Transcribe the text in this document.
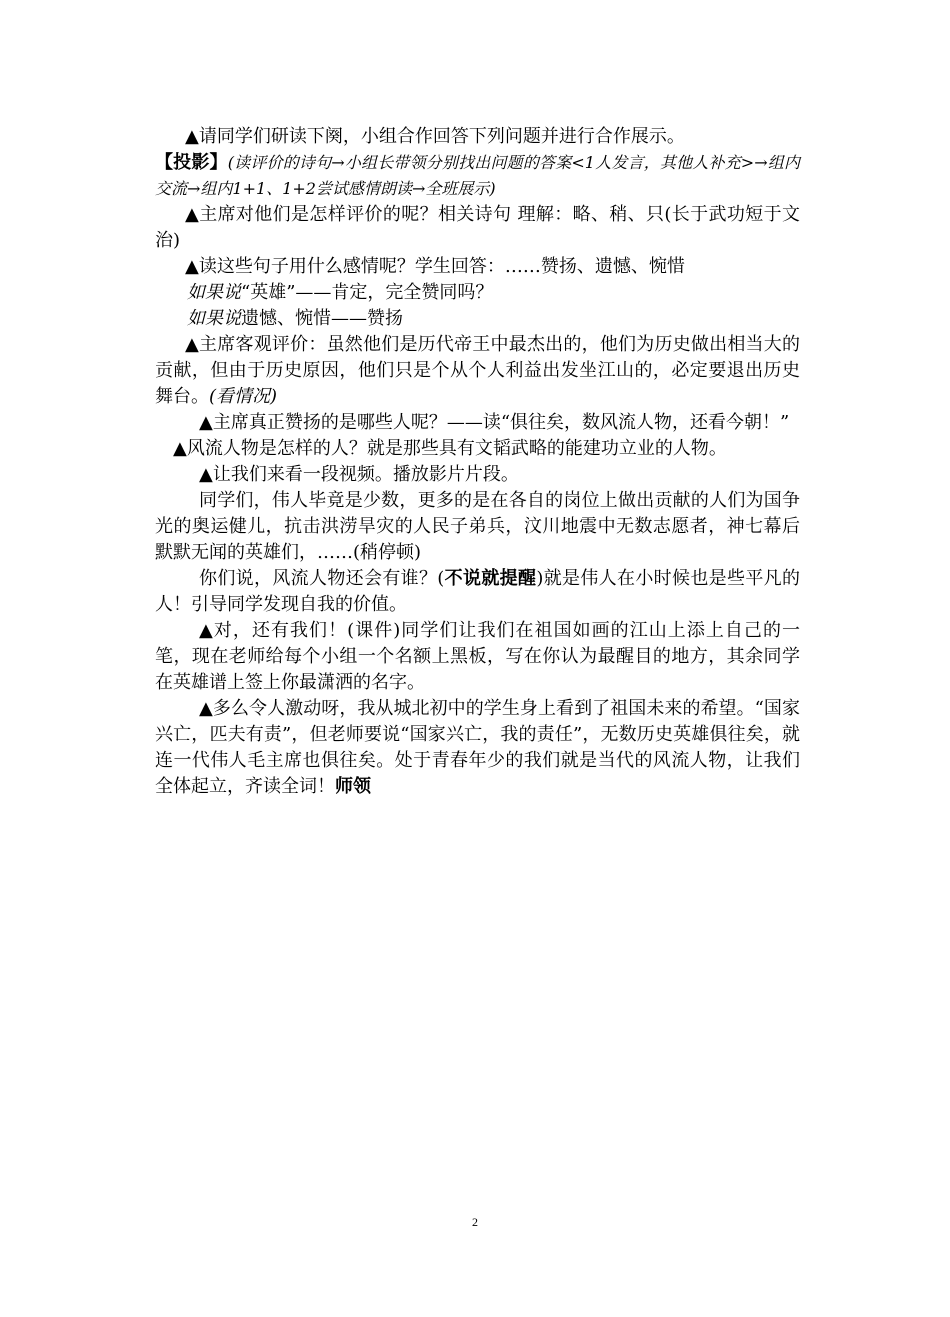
▲请同学们研读下阕，小组合作回答下列问题并进行合作展示。

【投影】(读评价的诗句→小组长带领分别找出问题的答案<1人发言，其他人补充>→组内交流→组内1+1、1+2尝试感情朗读→全班展示)

▲主席对他们是怎样评价的呢？相关诗句 理解：略、稍、只(长于武功短于文治)

▲读这些句子用什么感情呢？学生回答：……赞扬、遗憾、惋惜

如果说“英雄”——肯定，完全赞同吗？

如果说遗憾、惋惜——赞扬

▲主席客观评价：虽然他们是历代帝王中最杰出的，他们为历史做出相当大的贡献，但由于历史原因，他们只是个从个人利益出发坐江山的，必定要退出历史舞台。(看情况)

▲主席真正赞扬的是哪些人呢？——读“俱往矣，数风流人物，还看今朝！”

▲风流人物是怎样的人？就是那些具有文韬武略的能建功立业的人物。

▲让我们来看一段视频。播放影片片段。

同学们，伟人毕竟是少数，更多的是在各自的岗位上做出贡献的人们为国争光的奥运健儿，抗击洪涝旱灾的人民子弟兵，汶川地震中无数志愿者，神七幕后默默无闻的英雄们，……(稍停顿)

你们说，风流人物还会有谁？(不说就提醒)就是伟人在小时候也是些平凡的人！引导同学发现自我的价值。

▲对，还有我们！(课件)同学们让我们在祖国如画的江山上添上自己的一笔，现在老师给每个小组一个名额上黑板，写在你认为最醒目的地方，其余同学在英雄谱上签上你最潇洒的名字。

▲多么令人激动呀，我从城北初中的学生身上看到了祖国未来的希望。“国家兴亡，匹夫有责”，但老师要说“国家兴亡，我的责任”，无数历史英雄俱往矣，就连一代伟人毛主席也俱往矣。处于青春年少的我们就是当代的风流人物，让我们全体起立，齐读全词！师领

2
